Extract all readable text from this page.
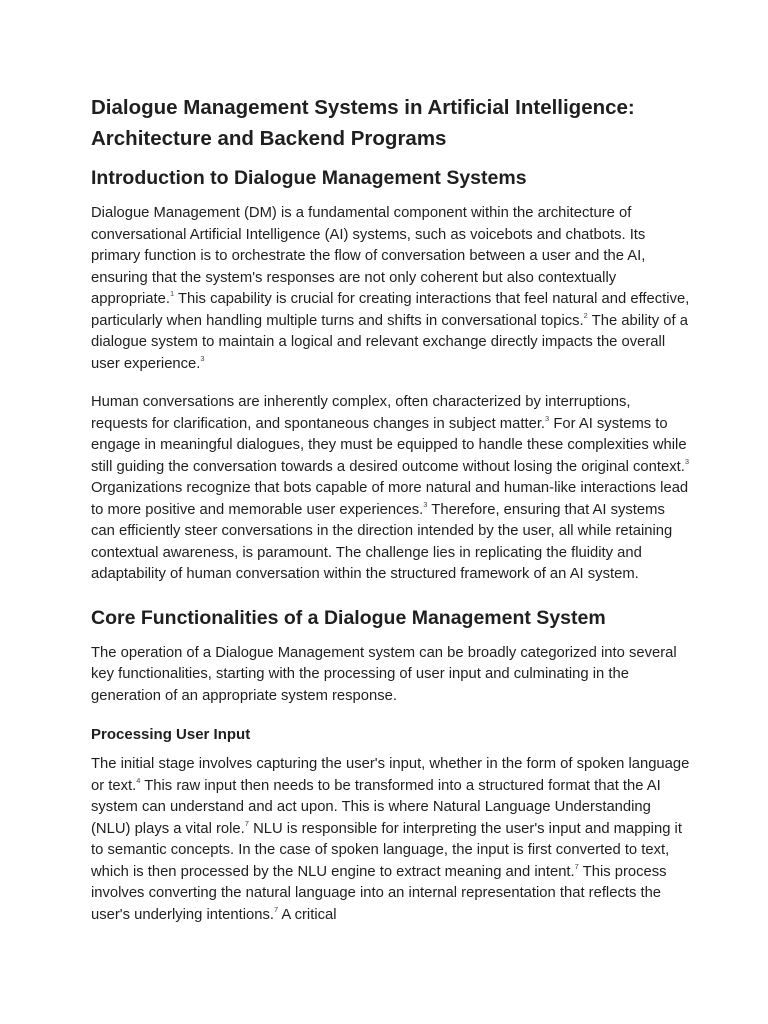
Dialogue Management Systems in Artificial Intelligence:
Architecture and Backend Programs
Introduction to Dialogue Management Systems

Dialogue Management (DM) is a fundamental component within the architecture of conversational Artificial Intelligence (AI) systems, such as voicebots and chatbots. Its primary function is to orchestrate the flow of conversation between a user and the AI, ensuring that the system's responses are not only coherent but also contextually appropriate.$^1$ This capability is crucial for creating interactions that feel natural and effective, particularly when handling multiple turns and shifts in conversational topics.$^2$ The ability of a dialogue system to maintain a logical and relevant exchange directly impacts the overall user experience.$^3$

Human conversations are inherently complex, often characterized by interruptions, requests for clarification, and spontaneous changes in subject matter.$^3$ For AI systems to engage in meaningful dialogues, they must be equipped to handle these complexities while still guiding the conversation towards a desired outcome without losing the original context.$^3$ Organizations recognize that bots capable of more natural and human-like interactions lead to more positive and memorable user experiences.$^3$ Therefore, ensuring that AI systems can efficiently steer conversations in the direction intended by the user, all while retaining contextual awareness, is paramount. The challenge lies in replicating the fluidity and adaptability of human conversation within the structured framework of an AI system.

Core Functionalities of a Dialogue Management System

The operation of a Dialogue Management system can be broadly categorized into several key functionalities, starting with the processing of user input and culminating in the generation of an appropriate system response.

Processing User Input

The initial stage involves capturing the user's input, whether in the form of spoken language or text.$^4$ This raw input then needs to be transformed into a structured format that the AI system can understand and act upon. This is where Natural Language Understanding (NLU) plays a vital role.$^7$ NLU is responsible for interpreting the user's input and mapping it to semantic concepts. In the case of spoken language, the input is first converted to text, which is then processed by the NLU engine to extract meaning and intent.$^7$ This process involves converting the natural language into an internal representation that reflects the user's underlying intentions.$^7$ A critical
